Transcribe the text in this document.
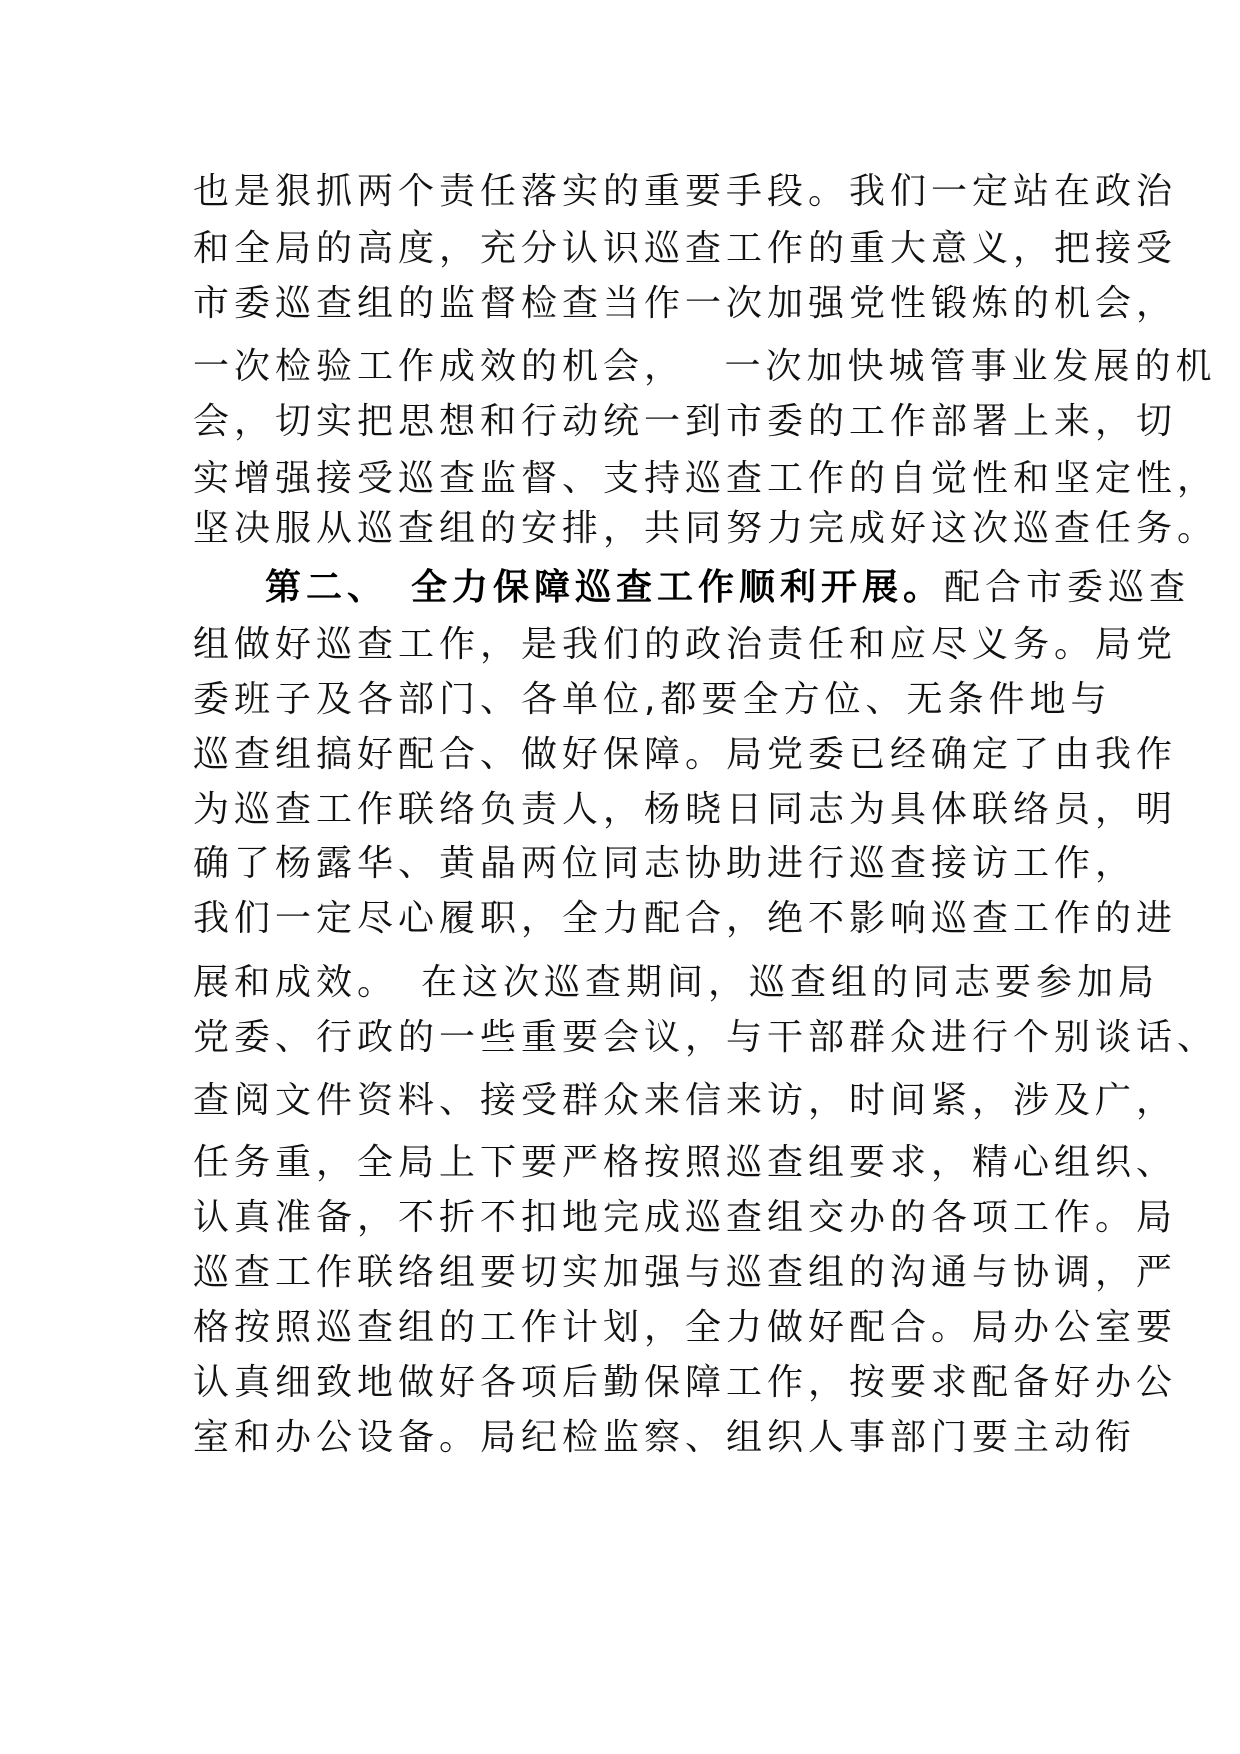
也是狠抓两个责任落实的重要手段。我们一定站在政治

和全局的高度，充分认识巡查工作的重大意义，把接受

市委巡查组的监督检查当作一次加强党性锻炼的机会，

一次检验工作成效的机会，　 一次加快城管事业发展的机

会，切实把思想和行动统一到市委的工作部署上来，切

实增强接受巡查监督、支持巡查工作的自觉性和坚定性，

坚决服从巡查组的安排，共同努力完成好这次巡查任务。

第二、　全力保障巡查工作顺利开展。配合市委巡查

组做好巡查工作，是我们的政治责任和应尽义务。局党

委班子及各部门、各单位,都要全方位、无条件地与

巡查组搞好配合、做好保障。局党委已经确定了由我作

为巡查工作联络负责人，杨晓日同志为具体联络员，明

确了杨露华、黄晶两位同志协助进行巡查接访工作，

我们一定尽心履职，全力配合，绝不影响巡查工作的进

展和成效。　在这次巡查期间，巡查组的同志要参加局

党委、行政的一些重要会议，与干部群众进行个别谈话、

查阅文件资料、接受群众来信来访，时间紧，涉及广，

任务重，全局上下要严格按照巡查组要求，精心组织、

认真准备，不折不扣地完成巡查组交办的各项工作。局

巡查工作联络组要切实加强与巡查组的沟通与协调，严

格按照巡查组的工作计划，全力做好配合。局办公室要

认真细致地做好各项后勤保障工作，按要求配备好办公

室和办公设备。局纪检监察、组织人事部门要主动衔
